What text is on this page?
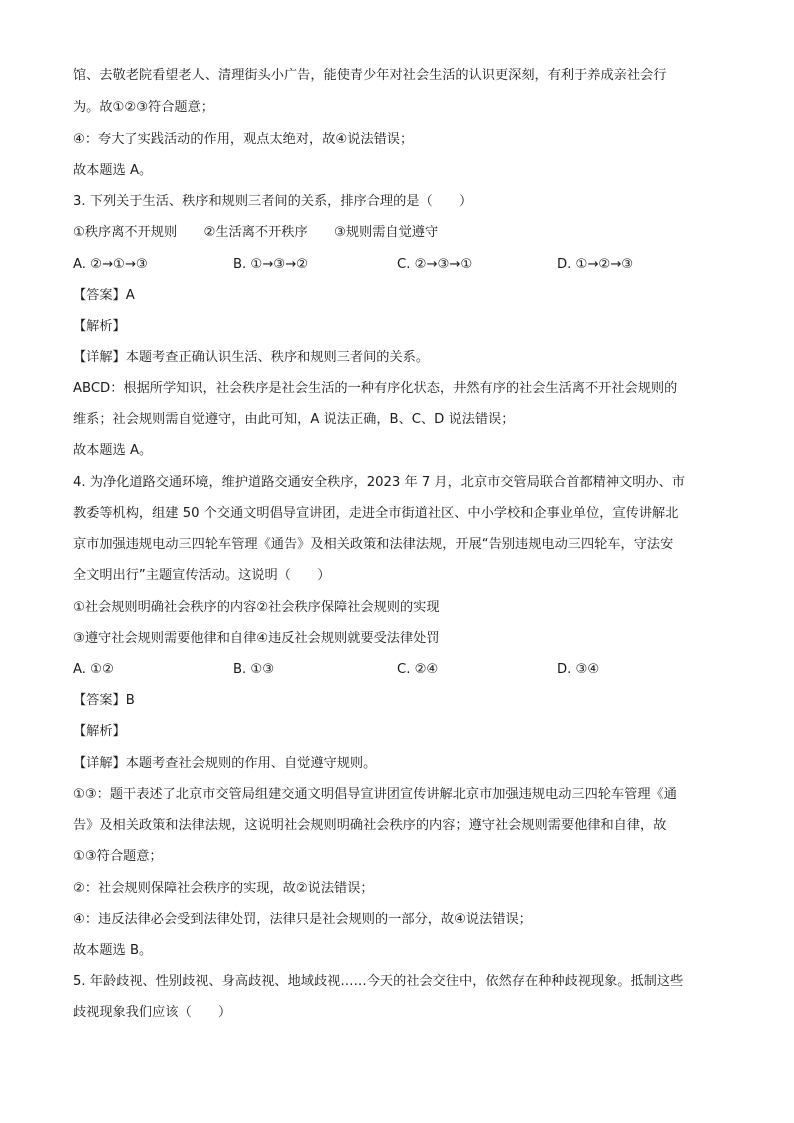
馆、去敬老院看望老人、清理街头小广告，能使青少年对社会生活的认识更深刻，有利于养成亲社会行
为。故①②③符合题意；
④：夸大了实践活动的作用，观点太绝对，故④说法错误；
故本题选 A。
3. 下列关于生活、秩序和规则三者间的关系，排序合理的是（　　）
①秩序离不开规则　　②生活离不开秩序　　③规则需自觉遵守
A. ②→①→③	B. ①→③→②	C. ②→③→①	D. ①→②→③
【答案】A
【解析】
【详解】本题考查正确认识生活、秩序和规则三者间的关系。
ABCD：根据所学知识，社会秩序是社会生活的一种有序化状态，井然有序的社会生活离不开社会规则的
维系；社会规则需自觉遵守，由此可知，A 说法正确，B、C、D 说法错误；
故本题选 A。
4. 为净化道路交通环境，维护道路交通安全秩序，2023 年 7 月，北京市交管局联合首都精神文明办、市
教委等机构，组建 50 个交通文明倡导宣讲团，走进全市街道社区、中小学校和企事业单位，宣传讲解北
京市加强违规电动三四轮车管理《通告》及相关政策和法律法规，开展“告别违规电动三四轮车，守法安
全文明出行”主题宣传活动。这说明（　　）
①社会规则明确社会秩序的内容②社会秩序保障社会规则的实现
③遵守社会规则需要他律和自律④违反社会规则就要受法律处罚
A. ①②	B. ①③	C. ②④	D. ③④
【答案】B
【解析】
【详解】本题考查社会规则的作用、自觉遵守规则。
①③：题干表述了北京市交管局组建交通文明倡导宣讲团宣传讲解北京市加强违规电动三四轮车管理《通
告》及相关政策和法律法规，这说明社会规则明确社会秩序的内容；遵守社会规则需要他律和自律，故
①③符合题意；
②：社会规则保障社会秩序的实现，故②说法错误；
④：违反法律必会受到法律处罚，法律只是社会规则的一部分，故④说法错误；
故本题选 B。
5. 年龄歧视、性别歧视、身高歧视、地域歧视……今天的社会交往中，依然存在种种歧视现象。抵制这些
歧视现象我们应该（　　）
